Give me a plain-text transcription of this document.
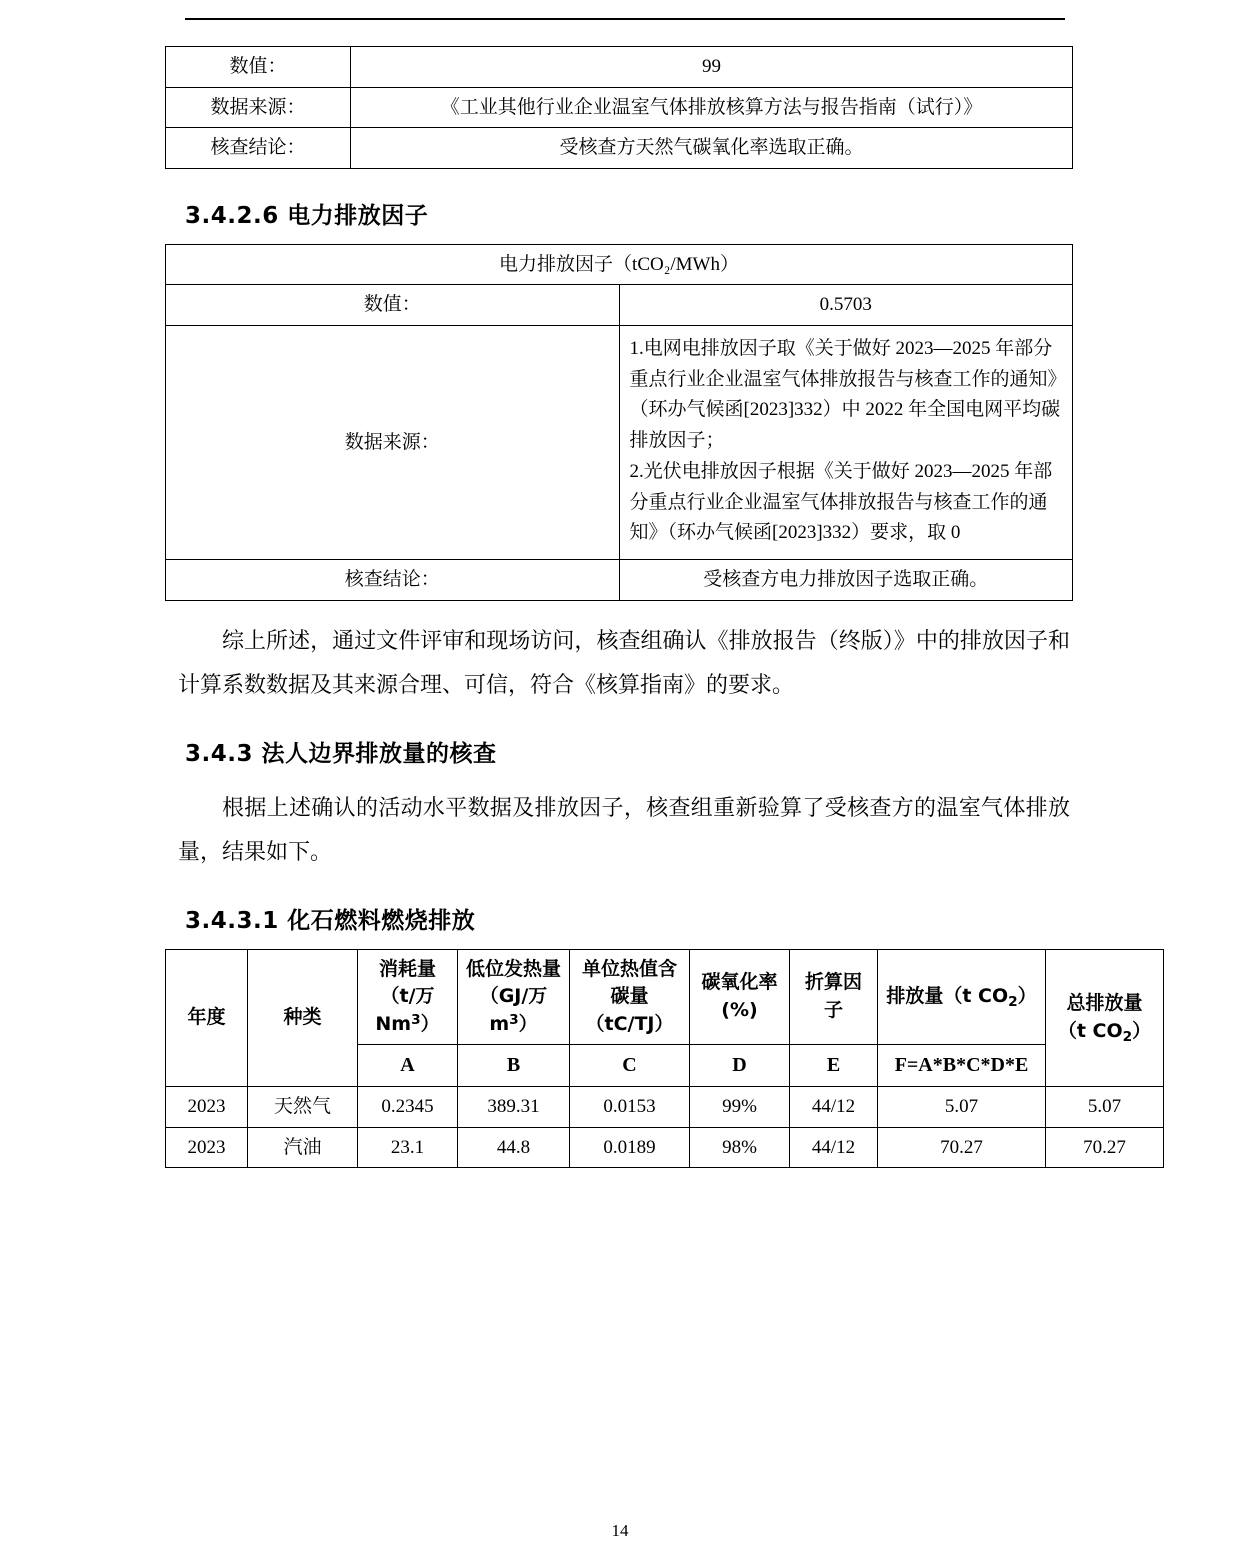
数值：	99
数据来源：	《工业其他行业企业温室气体排放核算方法与报告指南（试行）》
核查结论：	受核查方天然气碳氧化率选取正确。
3.4.2.6 电力排放因子
电力排放因子（tCO₂/MWh）	
数值：	0.5703
数据来源：	1.电网电排放因子取《关于做好 2023—2025 年部分重点行业企业温室气体排放报告与核查工作的通知》（环办气候函[2023]332）中 2022 年全国电网平均碳排放因子；
2.光伏电排放因子根据《关于做好 2023—2025 年部分重点行业企业温室气体排放报告与核查工作的通知》（环办气候函[2023]332）要求，取 0

核查结论：	受核查方电力排放因子选取正确。

综上所述，通过文件评审和现场访问，核查组确认《排放报告（终版）》中的排放因子和计算系数数据及其来源合理、可信，符合《核算指南》的要求。

3.4.3 法人边界排放量的核查

根据上述确认的活动水平数据及排放因子，核查组重新验算了受核查方的温室气体排放量，结果如下。

3.4.3.1 化石燃料燃烧排放
年度	种类	消耗量（t/万 Nm$^3$）	低位发热量（GJ/万 $m^3$）	单位热值含碳量（tC/TJ）	碳氧化率(%)	折算因子	排放量（t $CO_2$）	总排放量（t $CO_2$）
		A	B	C	D	E	F=A*B*C*D*E	
2023	天然气	0.2345	389.31	0.0153	99%	44/12	5.07	5.07
2023	汽油	23.1	44.8	0.0189	98%	44/12	70.27	70.27
14
